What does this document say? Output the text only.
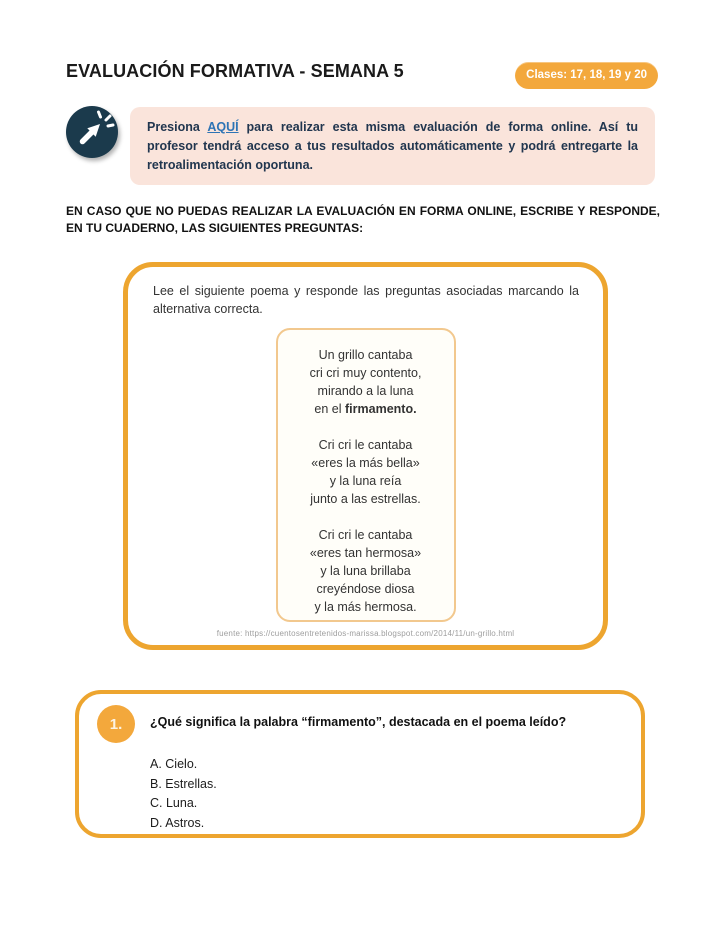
EVALUACIÓN FORMATIVA - SEMANA 5	Clases: 17, 18, 19 y 20

Presiona AQUÍ para realizar esta misma evaluación de forma online. Así tu profesor tendrá acceso a tus resultados automáticamente y podrá entregarte la retroalimentación oportuna.

EN CASO QUE NO PUEDAS REALIZAR LA EVALUACIÓN EN FORMA ONLINE, ESCRIBE Y RESPONDE, EN TU CUADERNO, LAS SIGUIENTES PREGUNTAS:

Lee el siguiente poema y responde las preguntas asociadas marcando la alternativa correcta.

Un grillo cantaba
cri cri muy contento,
mirando a la luna
en el firmamento.
Cri cri le cantaba
«eres la más bella»
y la luna reía
junto a las estrellas.
Cri cri le cantaba
«eres tan hermosa»
y la luna brillaba
creyéndose diosa
y la más hermosa.

fuente: https://cuentosentretenidos-marissa.blogspot.com/2014/11/un-grillo.html

1.	¿Qué significa la palabra “firmamento”, destacada en el poema leído?

A. Cielo.
B. Estrellas.
C. Luna.
D. Astros.
